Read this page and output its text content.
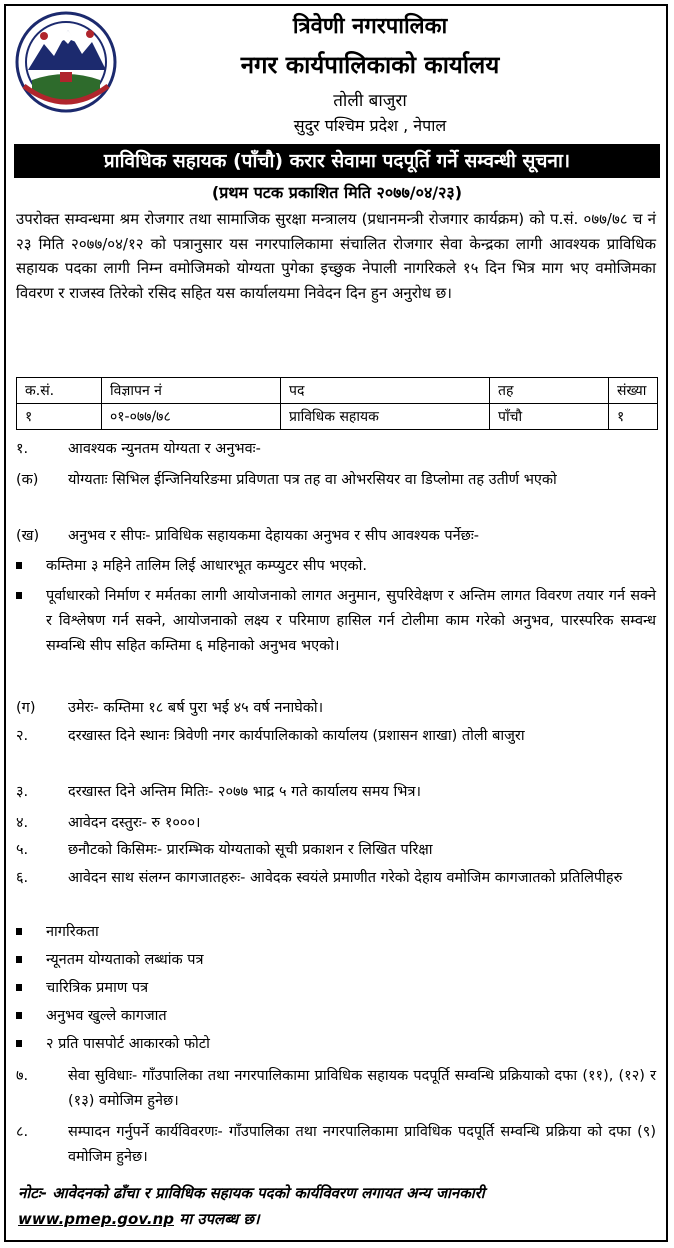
त्रिवेणी नगरपालिका
नगर कार्यपालिकाको कार्यालय
तोली बाजुरा
सुदुर पश्चिम प्रदेश , नेपाल
प्राविधिक सहायक (पाँचौ) करार सेवामा पदपूर्ति गर्ने सम्वन्धी सूचना।
(प्रथम पटक प्रकाशित मिति २०७७/०४/२३)
उपरोक्त सम्वन्धमा श्रम रोजगार तथा सामाजिक सुरक्षा मन्त्रालय (प्रधानमन्त्री रोजगार कार्यक्रम) को प.सं. ०७७/७८ च नं २३ मिति २०७७/०४/१२ को पत्रानुसार यस नगरपालिकामा संचालित रोजगार सेवा केन्द्रका लागी आवश्यक प्राविधिक सहायक पदका लागी निम्न वमोजिमको योग्यता पुगेका इच्छुक नेपाली नागरिकले १५ दिन भित्र माग भए वमोजिमका विवरण र राजस्व तिरेको रसिद सहित यस कार्यालयमा निवेदन दिन हुन अनुरोध छ।
क.सं.	विज्ञापन नं	पद	तह	संख्या
१	०१-०७७/७८	प्राविधिक सहायक	पाँचौ	१
१.	आवश्यक न्युनतम योग्यता र अनुभवः-
(क) योग्यताः सिभिल ईन्जिनियरिङमा प्रविणता पत्र तह वा ओभरसियर वा डिप्लोमा तह उतीर्ण भएको
(ख) अनुभव र सीपः- प्राविधिक सहायकमा देहायका अनुभव र सीप आवश्यक पर्नेछः-
कम्तिमा ३ महिने तालिम लिई आधारभूत कम्प्युटर सीप भएको.
पूर्वाधारको निर्माण र मर्मतका लागी आयोजनाको लागत अनुमान, सुपरिवेक्षण र अन्तिम लागत विवरण तयार गर्न सक्ने र विश्लेषण गर्न सक्ने, आयोजनाको लक्ष्य र परिमाण हासिल गर्न टोलीमा काम गरेको अनुभव, पारस्परिक सम्वन्ध सम्वन्धि सीप सहित कम्तिमा ६ महिनाको अनुभव भएको।
(ग) उमेरः- कम्तिमा १८ बर्ष पुरा भई ४५ वर्ष ननाघेको।
२.	दरखास्त दिने स्थानः त्रिवेणी नगर कार्यपालिकाको कार्यालय (प्रशासन शाखा) तोली बाजुरा
३.	दरखास्त दिने अन्तिम मितिः- २०७७ भाद्र ५ गते कार्यालय समय भित्र।
४.	आवेदन दस्तुरः- रु १०००।
५.	छनौटको किसिमः- प्रारम्भिक योग्यताको सूची प्रकाशन र लिखित परिक्षा
६.	आवेदन साथ संलग्न कागजातहरुः- आवेदक स्वयंले प्रमाणीत गरेको देहाय वमोजिम कागजातको प्रतिलिपीहरु
नागरिकता
न्यूनतम योग्यताको लब्धांक पत्र
चारित्रिक प्रमाण पत्र
अनुभव खुल्ले कागजात
२ प्रति पासपोर्ट आकारको फोटो
७.	सेवा सुविधाः- गाँउपालिका तथा नगरपालिकामा प्राविधिक सहायक पदपूर्ति सम्वन्धि प्रक्रियाको दफा (११), (१२) र (१३) वमोजिम हुनेछ।
८.	सम्पादन गर्नुपर्ने कार्यविवरणः- गाँउपालिका तथा नगरपालिकामा प्राविधिक पदपूर्ति सम्वन्धि प्रक्रिया को दफा (९) वमोजिम हुनेछ।
नोटः- आवेदनको ढाँचा र प्राविधिक सहायक पदको कार्यविवरण लगायत अन्य जानकारी
www.pmep.gov.np मा उपलब्ध छ।
